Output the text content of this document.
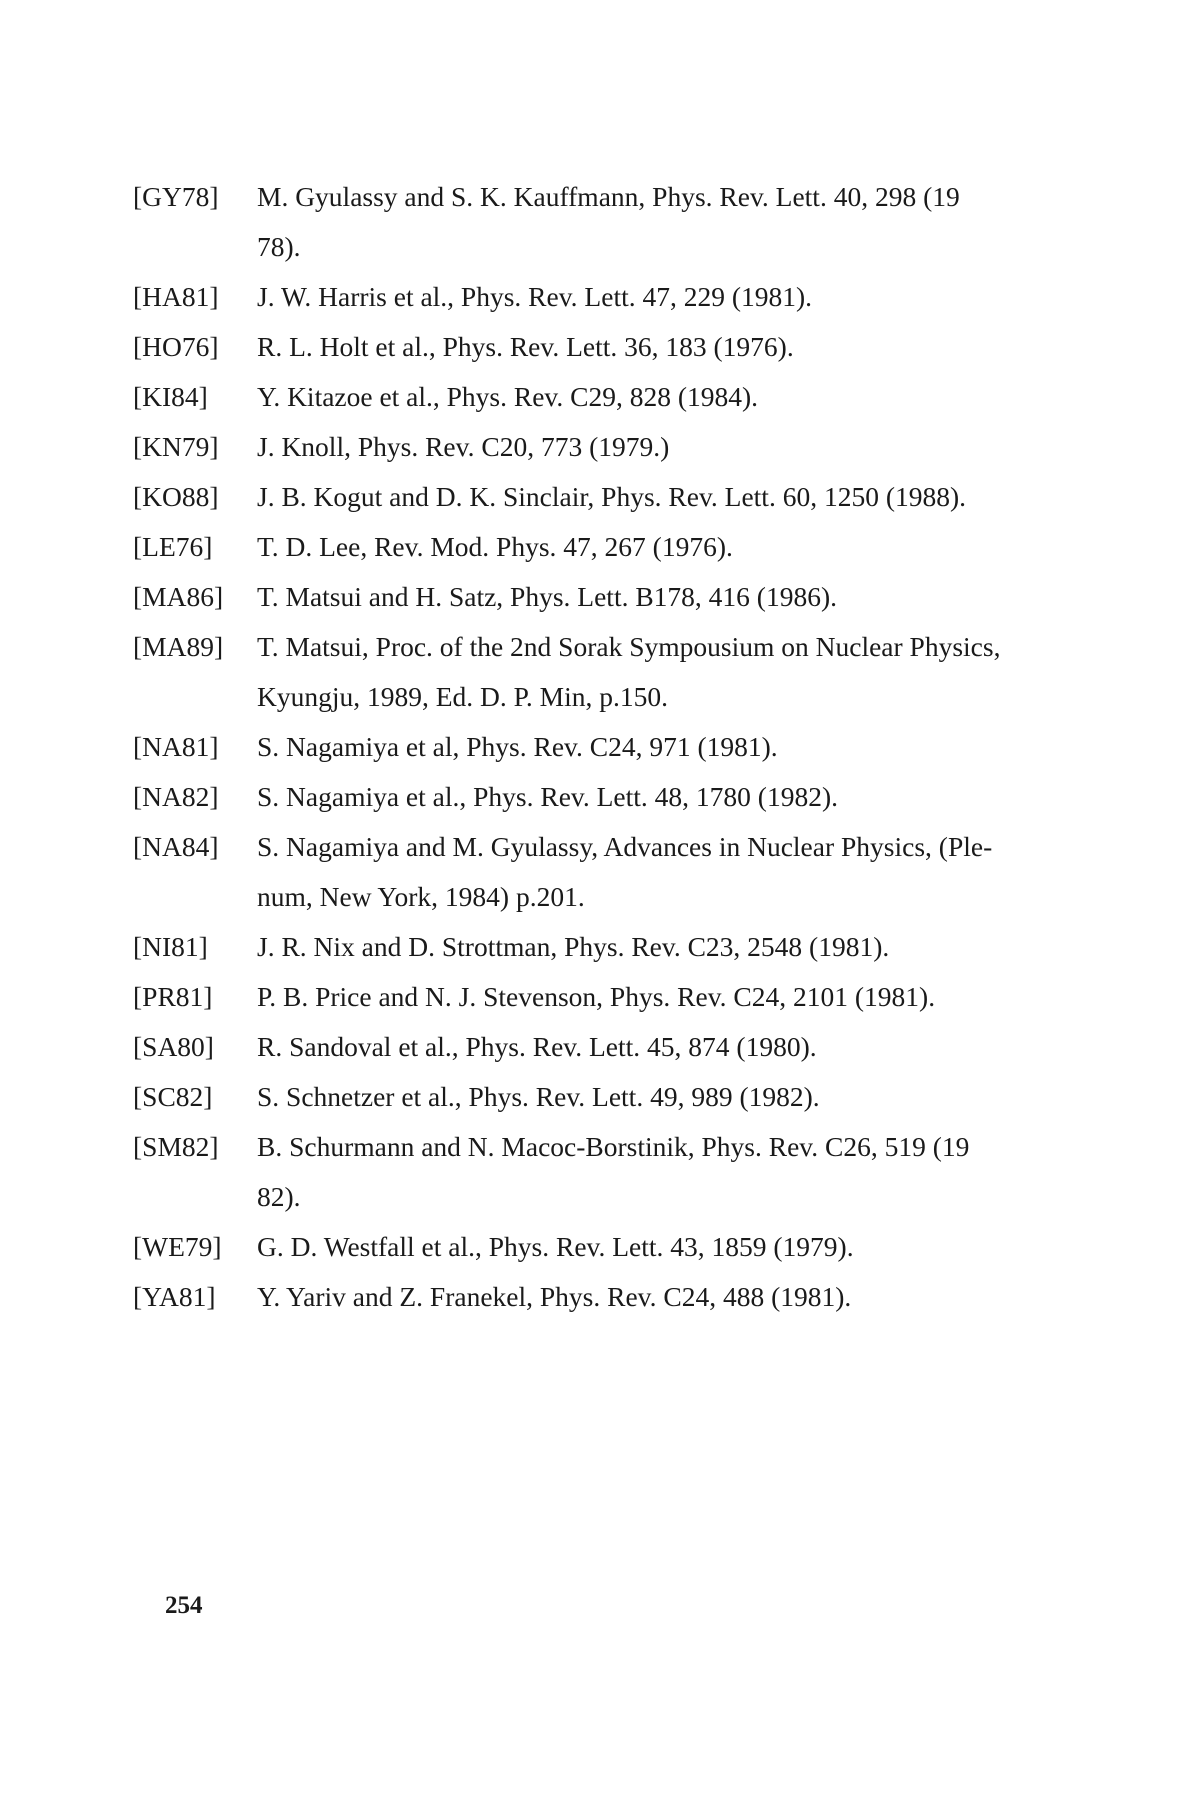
[GY78]	M. Gyulassy and S. K. Kauffmann, Phys. Rev. Lett. 40, 298 (19
78).
[HA81]	J. W. Harris et al., Phys. Rev. Lett. 47, 229 (1981).
[HO76]	R. L. Holt et al., Phys. Rev. Lett. 36, 183 (1976).
[KI84]	Y. Kitazoe et al., Phys. Rev. C29, 828 (1984).
[KN79]	J. Knoll, Phys. Rev. C20, 773 (1979.)
[KO88]	J. B. Kogut and D. K. Sinclair, Phys. Rev. Lett. 60, 1250 (1988).
[LE76]	T. D. Lee, Rev. Mod. Phys. 47, 267 (1976).
[MA86]	T. Matsui and H. Satz, Phys. Lett. B178, 416 (1986).
[MA89]	T. Matsui, Proc. of the 2nd Sorak Sympousium on Nuclear Physics,
Kyungju, 1989, Ed. D. P. Min, p.150.
[NA81]	S. Nagamiya et al, Phys. Rev. C24, 971 (1981).
[NA82]	S. Nagamiya et al., Phys. Rev. Lett. 48, 1780 (1982).
[NA84]	S. Nagamiya and M. Gyulassy, Advances in Nuclear Physics, (Ple-
num, New York, 1984) p.201.
[NI81]	J. R. Nix and D. Strottman, Phys. Rev. C23, 2548 (1981).
[PR81]	P. B. Price and N. J. Stevenson, Phys. Rev. C24, 2101 (1981).
[SA80]	R. Sandoval et al., Phys. Rev. Lett. 45, 874 (1980).
[SC82]	S. Schnetzer et al., Phys. Rev. Lett. 49, 989 (1982).
[SM82]	B. Schurmann and N. Macoc-Borstinik, Phys. Rev. C26, 519 (19
82).
[WE79]	G. D. Westfall et al., Phys. Rev. Lett. 43, 1859 (1979).
[YA81]	Y. Yariv and Z. Franekel, Phys. Rev. C24, 488 (1981).
254
